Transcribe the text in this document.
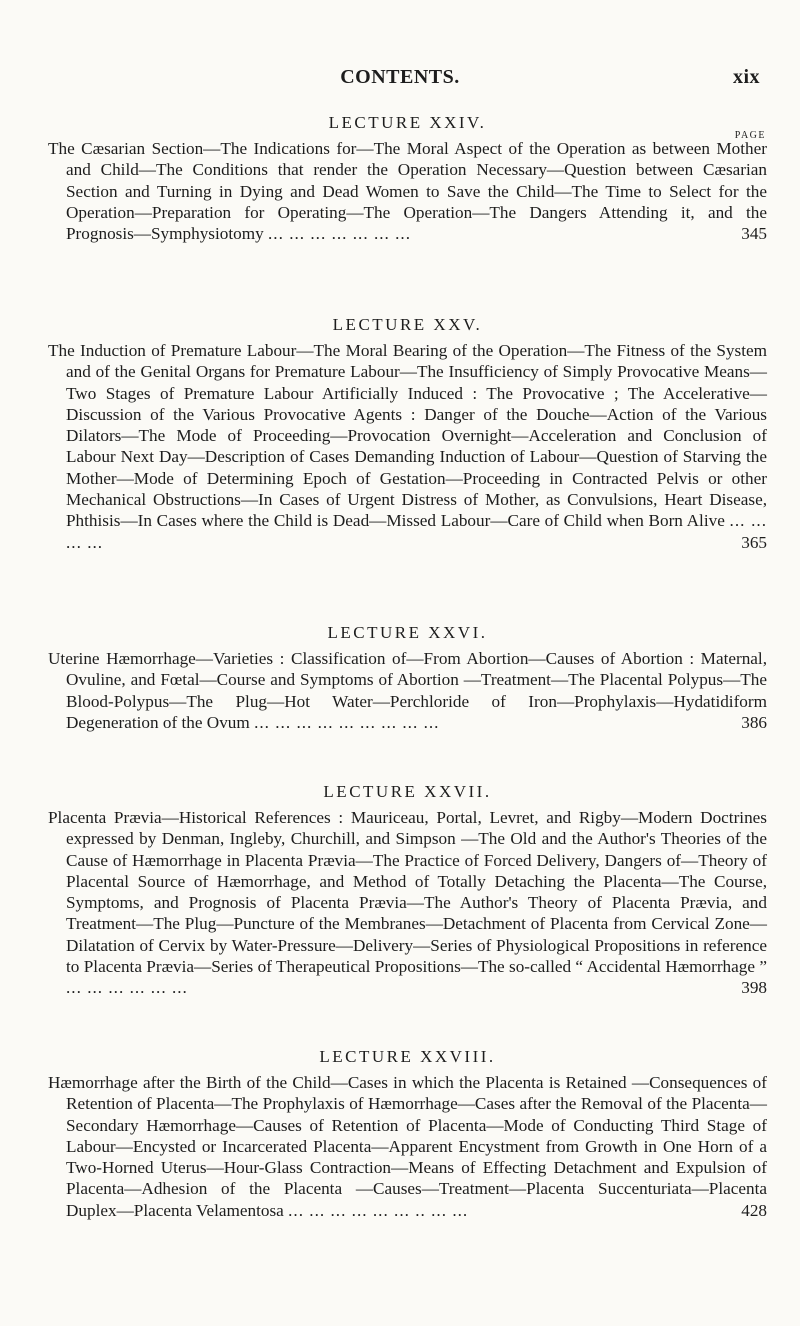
CONTENTS.	xix
PAGE
LECTURE XXIV.

The Cæsarian Section—The Indications for—The Moral Aspect of the Operation as between Mother and Child—The Conditions that render the Operation Necessary—Question between Cæsarian Section and Turning in Dying and Dead Women to Save the Child—The Time to Select for the Operation—Preparation for Operating—The Operation—The Dangers Attending it, and the Prognosis—Symphysiotomy ... ... ... ... ... ... ...	345

LECTURE XXV.

The Induction of Premature Labour—The Moral Bearing of the Operation—The Fitness of the System and of the Genital Organs for Premature Labour—The Insufficiency of Simply Provocative Means—Two Stages of Premature Labour Artificially Induced : The Provocative ; The Accelerative—Discussion of the Various Provocative Agents : Danger of the Douche—Action of the Various Dilators—The Mode of Proceeding—Provocation Overnight—Acceleration and Conclusion of Labour Next Day—Description of Cases Demanding Induction of Labour—Question of Starving the Mother—Mode of Determining Epoch of Gestation—Proceeding in Contracted Pelvis or other Mechanical Obstructions—In Cases of Urgent Distress of Mother, as Convulsions, Heart Disease, Phthisis—In Cases where the Child is Dead—Missed Labour—Care of Child when Born Alive ... ... ... ...	365

LECTURE XXVI.

Uterine Hæmorrhage—Varieties : Classification of—From Abortion—Causes of Abortion : Maternal, Ovuline, and Fœtal—Course and Symptoms of Abortion —Treatment—The Placental Polypus—The Blood-Polypus—The Plug—Hot Water—Perchloride of Iron—Prophylaxis—Hydatidiform Degeneration of the Ovum ... ... ... ... ... ... ... ... ...	386

LECTURE XXVII.

Placenta Prævia—Historical References : Mauriceau, Portal, Levret, and Rigby—Modern Doctrines expressed by Denman, Ingleby, Churchill, and Simpson —The Old and the Author's Theories of the Cause of Hæmorrhage in Placenta Prævia—The Practice of Forced Delivery, Dangers of—Theory of Placental Source of Hæmorrhage, and Method of Totally Detaching the Placenta—The Course, Symptoms, and Prognosis of Placenta Prævia—The Author's Theory of Placenta Prævia, and Treatment—The Plug—Puncture of the Membranes—Detachment of Placenta from Cervical Zone—Dilatation of Cervix by Water-Pressure—Delivery—Series of Physiological Propositions in reference to Placenta Prævia—Series of Therapeutical Propositions—The so-called “ Accidental Hæmorrhage ” ... ... ... ... ... ...	398

LECTURE XXVIII.

Hæmorrhage after the Birth of the Child—Cases in which the Placenta is Retained —Consequences of Retention of Placenta—The Prophylaxis of Hæmorrhage—Cases after the Removal of the Placenta—Secondary Hæmorrhage—Causes of Retention of Placenta—Mode of Conducting Third Stage of Labour—Encysted or Incarcerated Placenta—Apparent Encystment from Growth in One Horn of a Two-Horned Uterus—Hour-Glass Contraction—Means of Effecting Detachment and Expulsion of Placenta—Adhesion of the Placenta —Causes—Treatment—Placenta Succenturiata—Placenta Duplex—Placenta Velamentosa ... ... ... ... ... ... .. ... ...	428
